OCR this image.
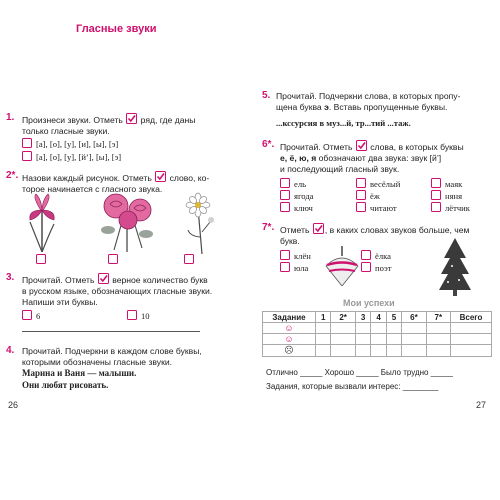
Гласные звуки
1. Произнеси звуки. Отметь ряд, где даны
только гласные звуки.
[а], [о], [у], [и], [ы], [э]
[а], [о], [у], [й’], [ы], [э]
2*. Назови каждый рисунок. Отметь слово, ко-
торое начинается с гласного звука.
3. Прочитай. Отметь верное количество букв
в русском языке, обозначающих гласные звуки.
Напиши эти буквы.
6	10
4. Прочитай. Подчеркни в каждом слове буквы,
которыми обозначены гласные звуки.
Марина и Ваня — малыши.
Они любят рисовать.
26
5. Прочитай. Подчеркни слова, в которых пропу-
щена буква э. Вставь пропущенные буквы.
...ксcурсия в муз...й, тр...тий ...таж.
6*. Прочитай. Отметь слова, в которых буквы
е, ё, ю, я обозначают два звука: звук [й’]
и последующий гласный звук.
ель	весёлый	маяк
ягода	ёж	няня
ключ	читают	лётчик
7*. Отметь , в каких словах звуков больше, чем
букв.
клён	ёлка
юла	поэт
Мои успехи
Задание	1	2*	3	4	5	6*	7*	Всего
☺								
☺								
☹								
Отлично _____ Хорошо _____ Было трудно _____
Задания, которые вызвали интерес: ________
27
